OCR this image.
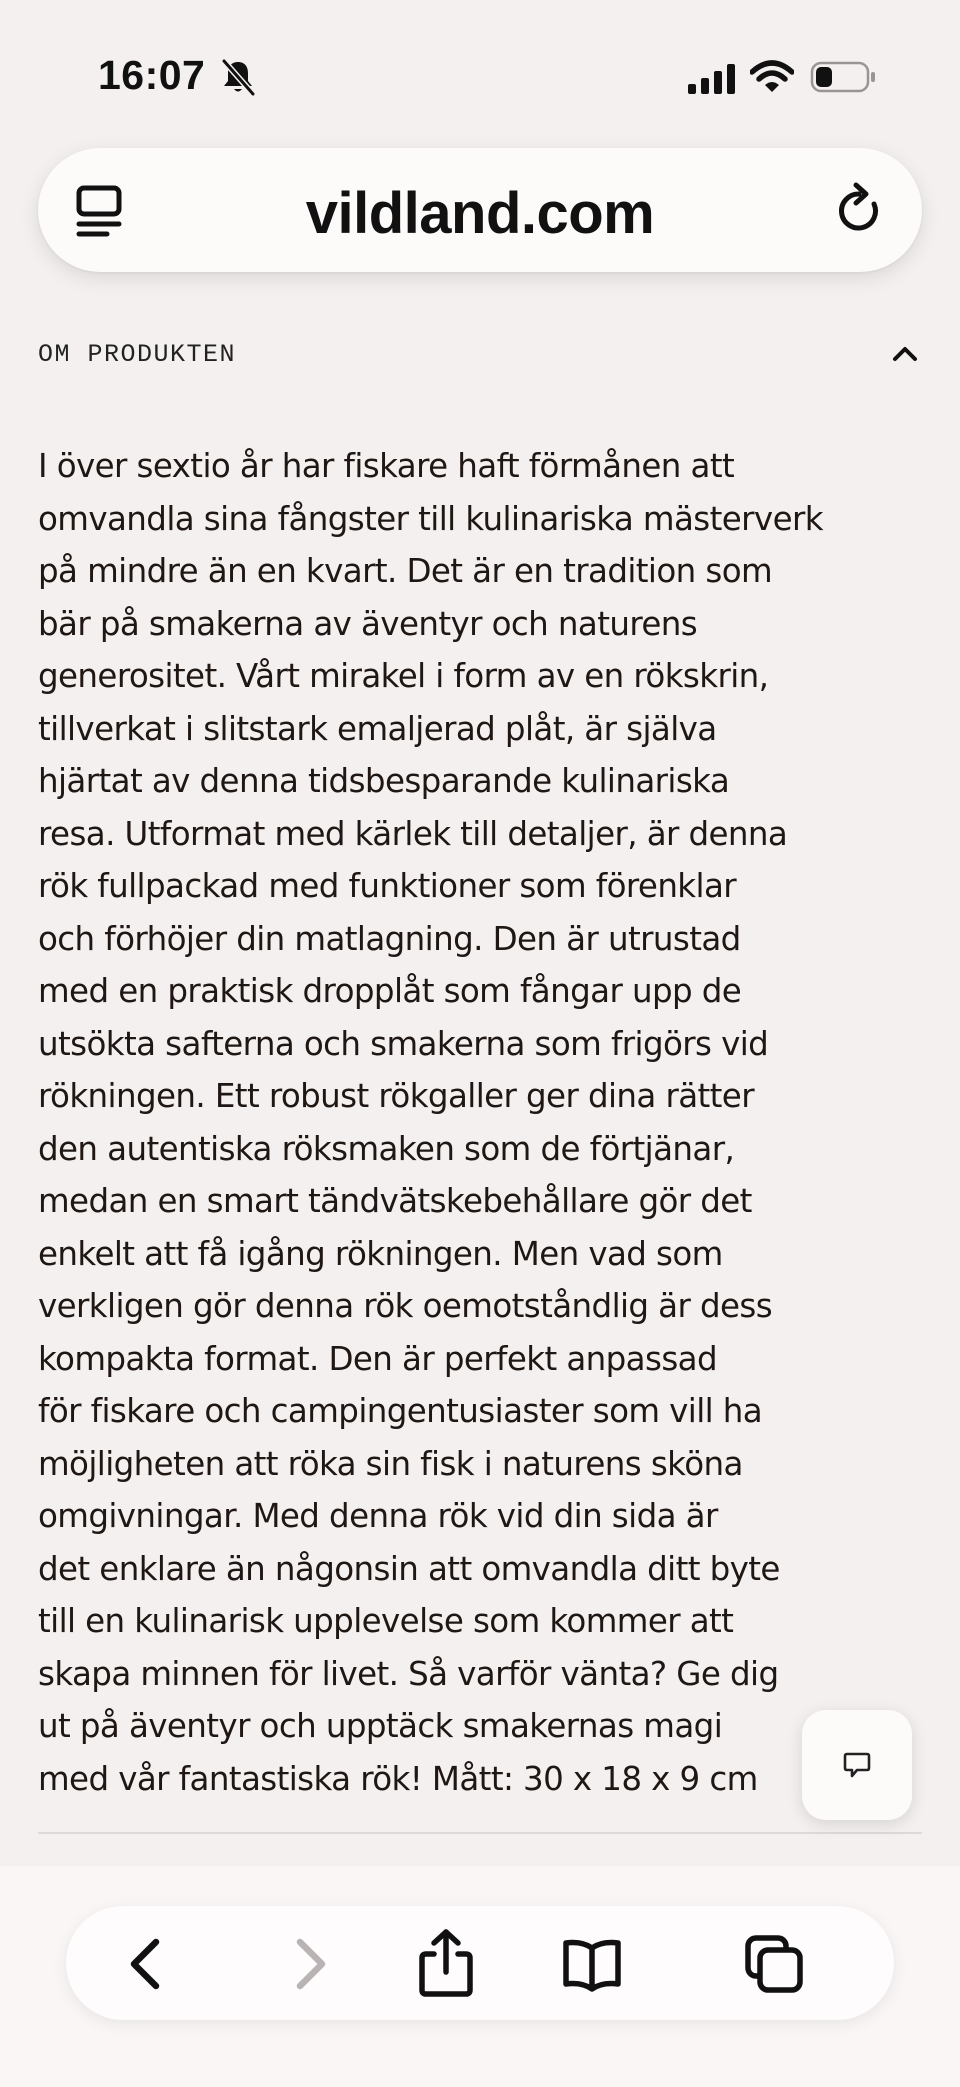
16:07
vildland.com
OM PRODUKTEN
I över sextio år har fiskare haft förmånen att
omvandla sina fångster till kulinariska mästerverk
på mindre än en kvart. Det är en tradition som
bär på smakerna av äventyr och naturens
generositet. Vårt mirakel i form av en rökskrin,
tillverkat i slitstark emaljerad plåt, är själva
hjärtat av denna tidsbesparande kulinariska
resa. Utformat med kärlek till detaljer, är denna
rök fullpackad med funktioner som förenklar
och förhöjer din matlagning. Den är utrustad
med en praktisk dropplåt som fångar upp de
utsökta safterna och smakerna som frigörs vid
rökningen. Ett robust rökgaller ger dina rätter
den autentiska röksmaken som de förtjänar,
medan en smart tändvätskebehållare gör det
enkelt att få igång rökningen. Men vad som
verkligen gör denna rök oemotståndlig är dess
kompakta format. Den är perfekt anpassad
för fiskare och campingentusiaster som vill ha
möjligheten att röka sin fisk i naturens sköna
omgivningar. Med denna rök vid din sida är
det enklare än någonsin att omvandla ditt byte
till en kulinarisk upplevelse som kommer att
skapa minnen för livet. Så varför vänta? Ge dig
ut på äventyr och upptäck smakernas magi
med vår fantastiska rök! Mått: 30 x 18 x 9 cm
